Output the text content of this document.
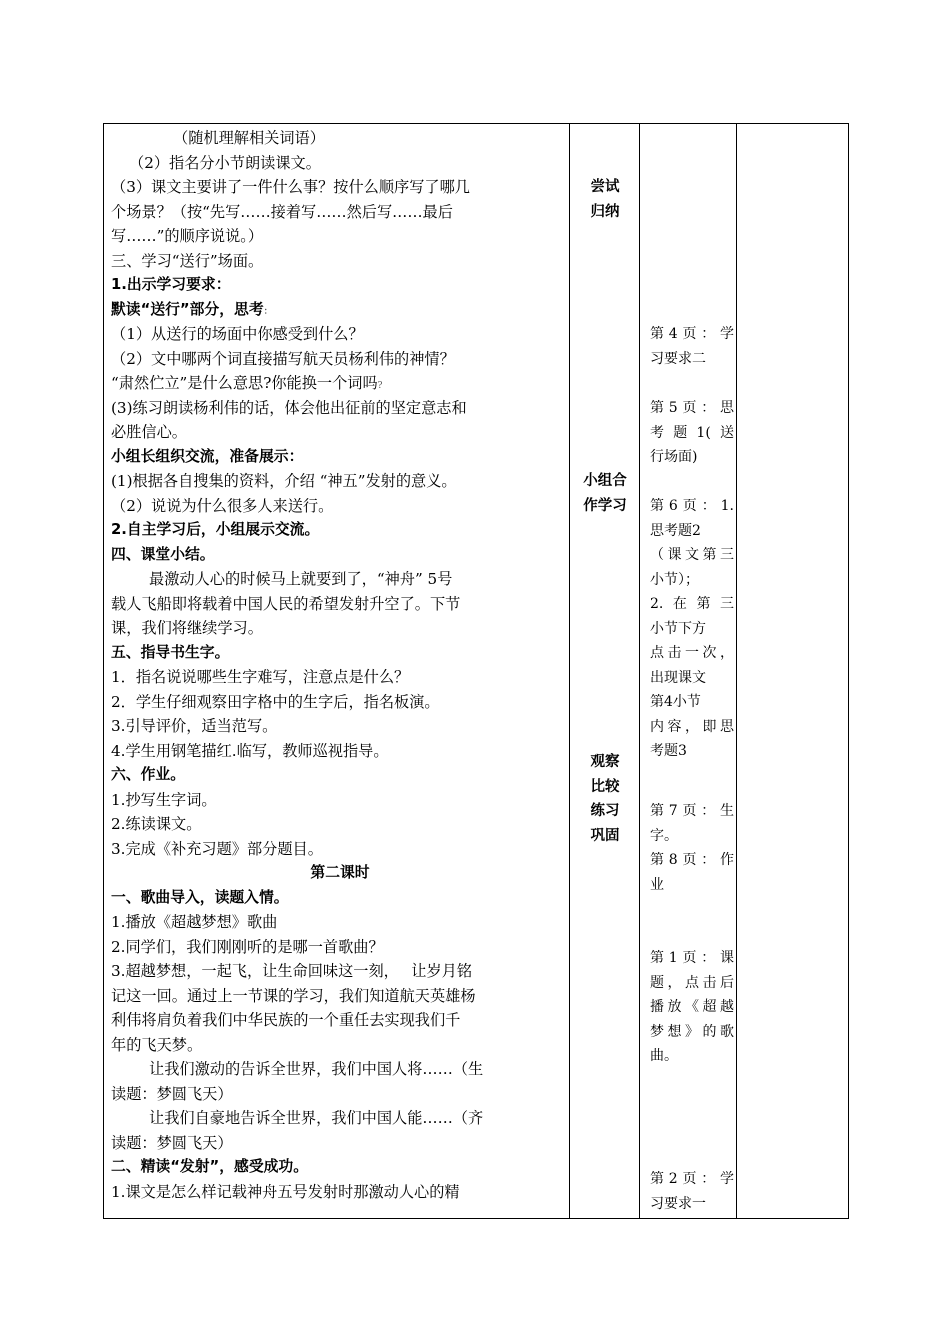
（随机理解相关词语）
（2）指名分小节朗读课文。
（3）课文主要讲了一件什么事？按什么顺序写了哪几
个场景？（按“先写……接着写……然后写……最后
写……”的顺序说说。）
三、学习“送行”场面。
1.出示学习要求：
默读“送行”部分，思考：
（1）从送行的场面中你感受到什么？
（2）文中哪两个词直接描写航天员杨利伟的神情？
“肃然伫立”是什么意思?你能换一个词吗?
(3)练习朗读杨利伟的话，体会他出征前的坚定意志和
必胜信心。
小组长组织交流，准备展示：
(1)根据各自搜集的资料，介绍 “神五”发射的意义。
（2）说说为什么很多人来送行。
2.自主学习后，小组展示交流。
四、课堂小结。
最激动人心的时候马上就要到了，“神舟” 5号
载人飞船即将载着中国人民的希望发射升空了。下节
课，我们将继续学习。
五、指导书生字。
1．指名说说哪些生字难写，注意点是什么？
2．学生仔细观察田字格中的生字后，指名板演。
3.引导评价，适当范写。
4.学生用钢笔描红.临写，教师巡视指导。
六、作业。
1.抄写生字词。
2.练读课文。
3.完成《补充习题》部分题目。
第二课时
一、歌曲导入，读题入情。
1.播放《超越梦想》歌曲
2.同学们，我们刚刚听的是哪一首歌曲？
3.超越梦想，一起飞，让生命回味这一刻，　 让岁月铭
记这一回。通过上一节课的学习，我们知道航天英雄杨
利伟将肩负着我们中华民族的一个重任去实现我们千
年的飞天梦。
让我们激动的告诉全世界，我们中国人将……（生
读题：梦圆飞天）
让我们自豪地告诉全世界，我们中国人能……（齐
读题：梦圆飞天）
二、精读“发射”，感受成功。
1.课文是怎么样记载神舟五号发射时那激动人心的精
尝试
归纳
小组合
作学习
观察
比较
练习
巩固
第4页：学
习要求二
第5页：思
考题1(送
行场面)
第6页：1.
思考题2
（课文第三
小节）；
2.在第三
小节下方
点击一次，
出现课文
第4小节
内容，即思
考题3
第7页：生
字。
第8页：作
业
第1页：课
题，点击后
播放《超越
梦想》的歌
曲。
第2页：学
习要求一
